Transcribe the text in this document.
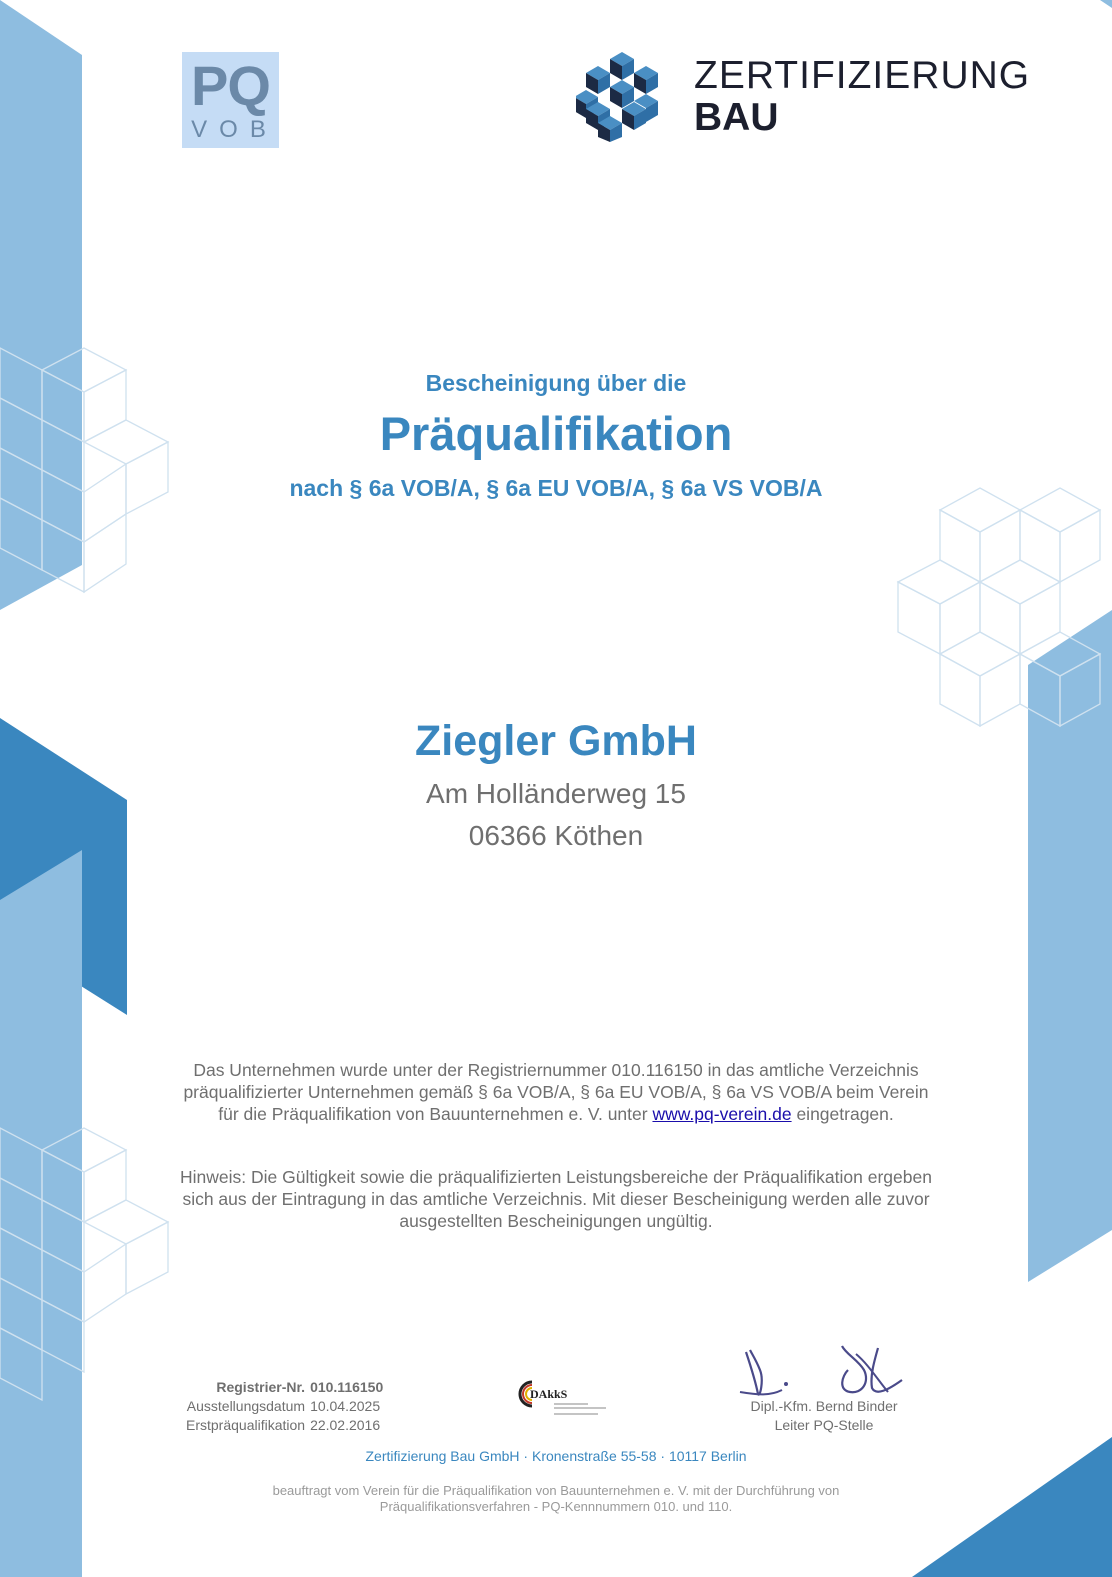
PQ
VOB
ZERTIFIZIERUNG
BAU
Bescheinigung über die
Präqualifikation
nach § 6a VOB/A, § 6a EU VOB/A, § 6a VS VOB/A
Ziegler GmbH
Am Holländerweg 15
06366 Köthen
Das Unternehmen wurde unter der Registriernummer 010.116150 in das amtliche Verzeichnis präqualifizierter Unternehmen gemäß § 6a VOB/A, § 6a EU VOB/A, § 6a VS VOB/A beim Verein für die Präqualifikation von Bauunternehmen e. V. unter www.pq-verein.de eingetragen.
Hinweis: Die Gültigkeit sowie die präqualifizierten Leistungsbereiche der Präqualifikation ergeben sich aus der Eintragung in das amtliche Verzeichnis. Mit dieser Bescheinigung werden alle zuvor ausgestellten Bescheinigungen ungültig.
Registrier-Nr.	010.116150
Ausstellungsdatum	10.04.2025
Erstpräqualifikation	22.02.2016
DAkkS
Dipl.-Kfm. Bernd Binder
Leiter PQ-Stelle
Zertifizierung Bau GmbH · Kronenstraße 55-58 · 10117 Berlin
beauftragt vom Verein für die Präqualifikation von Bauunternehmen e. V. mit der Durchführung von Präqualifikationsverfahren - PQ-Kennnummern 010. und 110.
